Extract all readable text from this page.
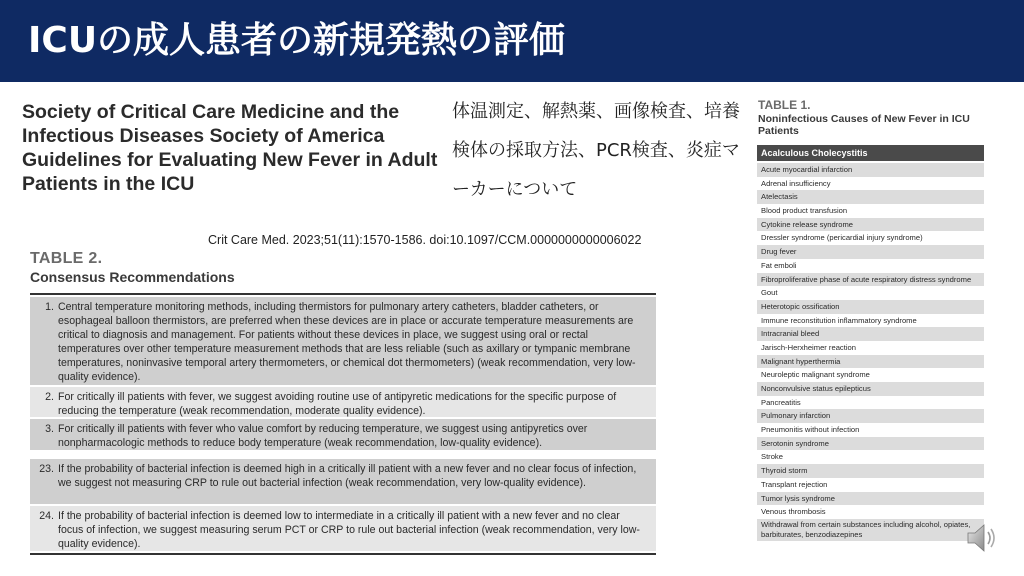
ICUの成人患者の新規発熱の評価
Society of Critical Care Medicine and the Infectious Diseases Society of America Guidelines for Evaluating New Fever in Adult Patients in the ICU
体温測定、解熱薬、画像検査、培養検体の採取方法、PCR検査、炎症マーカーについて
Crit Care Med. 2023;51(11):1570-1586. doi:10.1097/CCM.0000000000006022
TABLE 2.
Consensus Recommendations
1. Central temperature monitoring methods, including thermistors for pulmonary artery catheters, bladder catheters, or esophageal balloon thermistors, are preferred when these devices are in place or accurate temperature measurements are critical to diagnosis and management. For patients without these devices in place, we suggest using oral or rectal temperatures over other temperature measurement methods that are less reliable (such as axillary or tympanic membrane temperatures, noninvasive temporal artery thermometers, or chemical dot thermometers) (weak recommendation, very low-quality evidence).
2. For critically ill patients with fever, we suggest avoiding routine use of antipyretic medications for the specific purpose of reducing the temperature (weak recommendation, moderate quality evidence).
3. For critically ill patients with fever who value comfort by reducing temperature, we suggest using antipyretics over nonpharmacologic methods to reduce body temperature (weak recommendation, low-quality evidence).
23. If the probability of bacterial infection is deemed high in a critically ill patient with a new fever and no clear focus of infection, we suggest not measuring CRP to rule out bacterial infection (weak recommendation, very low-quality evidence).
24. If the probability of bacterial infection is deemed low to intermediate in a critically ill patient with a new fever and no clear focus of infection, we suggest measuring serum PCT or CRP to rule out bacterial infection (weak recommendation, very low-quality evidence).
TABLE 1.
Noninfectious Causes of New Fever in ICU Patients
Acalculous Cholecystitis
Acute myocardial infarction
Adrenal insufficiency
Atelectasis
Blood product transfusion
Cytokine release syndrome
Dressler syndrome (pericardial injury syndrome)
Drug fever
Fat emboli
Fibroproliferative phase of acute respiratory distress syndrome
Gout
Heterotopic ossification
Immune reconstitution inflammatory syndrome
Intracranial bleed
Jarisch-Herxheimer reaction
Malignant hyperthermia
Neuroleptic malignant syndrome
Nonconvulsive status epilepticus
Pancreatitis
Pulmonary infarction
Pneumonitis without infection
Serotonin syndrome
Stroke
Thyroid storm
Transplant rejection
Tumor lysis syndrome
Venous thrombosis
Withdrawal from certain substances including alcohol, opiates, barbiturates, benzodiazepines
